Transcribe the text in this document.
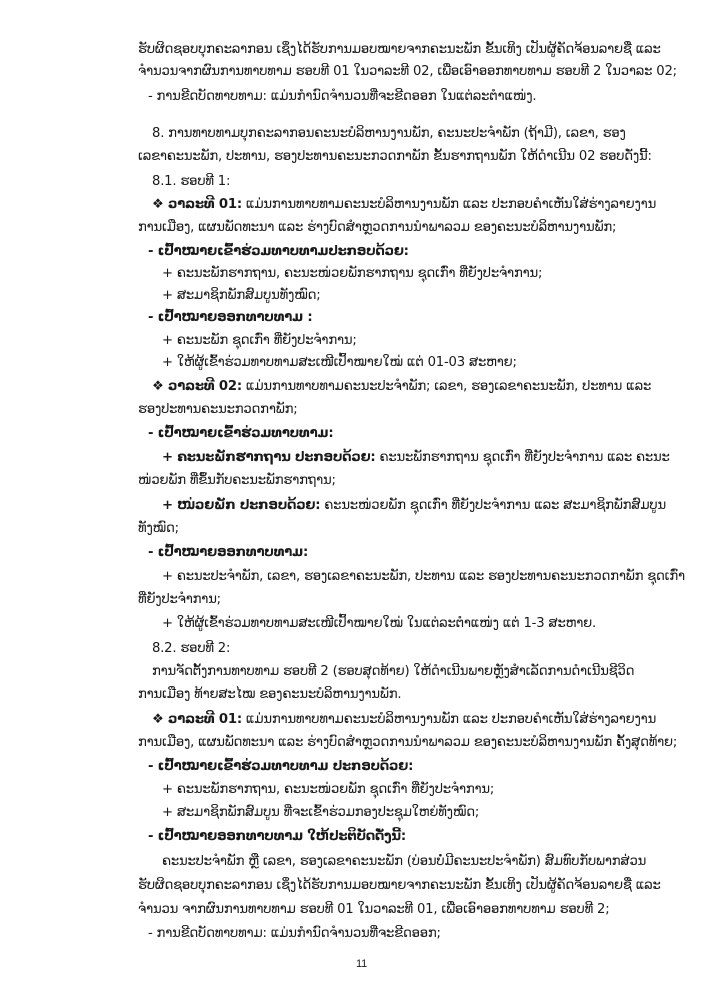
ຮັບຜິດຊອບບຸກຄະລາກອນ ເຊິ່ງໄດ້ຮັບການມອບໝາຍຈາກຄະນະພັກ ຂັ້ນເທິງ ເປັນຜູ້ຄັດຈ້ອນລາຍຊື່ ແລະ
ຈໍານວນຈາກຜົນການທາບທາມ ຮອບທີ 01 ໃນວາລະທີ 02, ເພື່ອເອົາອອກທາບທາມ ຮອບທີ 2 ໃນວາລະ 02;
- ການຂີດບັດທາບທາມ: ແມ່ນກໍານົດຈໍານວນທີ່ຈະຂີດອອກ ໃນແຕ່ລະຕໍາແໜ່ງ.
8. ການທາບທາມບຸກຄະລາກອນຄະນະບໍລິຫານງານພັກ, ຄະນະປະຈໍາພັກ (ຖ້າມີ), ເລຂາ, ຮອງ
ເລຂາຄະນະພັກ, ປະທານ, ຮອງປະທານຄະນະກວດກາພັກ ຂັ້ນຮາກຖານພັກ ໃຫ້ດໍາເນີນ 02 ຮອບດັ່ງນີ້:
8.1. ຮອບທີ 1:
❖ ວາລະທີ 01: ແມ່ນການທາບທາມຄະນະບໍລິຫານງານພັກ ແລະ ປະກອບຄໍາເຫັນໃສ່ຮ່າງລາຍງານ
ການເມືອງ, ແຜນພັດທະນາ ແລະ ຮ່າງບົດສໍາຫຼວດການນໍາພາລວມ ຂອງຄະນະບໍລິຫານງານພັກ;
- ເປົ້າໝາຍເຂົ້າຮ່ວມທາບທາມປະກອບດ້ວຍ:
+ ຄະນະພັກຮາກຖານ, ຄະນະໜ່ວຍພັກຮາກຖານ ຊຸດເກົ່າ ທີ່ຍັງປະຈໍາການ;
+ ສະມາຊິກພັກສົມບູນທັງໝົດ;
- ເປົ້າໝາຍອອກທາບທາມ :
+ ຄະນະພັກ ຊຸດເກົ່າ ທີ່ຍັງປະຈໍາການ;
+ ໃຫ້ຜູ້ເຂົ້າຮ່ວມທາບທາມສະເໜີເປົ້າໝາຍໃໝ່ ແຕ່ 01-03 ສະຫາຍ;
❖ ວາລະທີ 02: ແມ່ນການທາບທາມຄະນະປະຈໍາພັກ; ເລຂາ, ຮອງເລຂາຄະນະພັກ, ປະທານ ແລະ
ຮອງປະທານຄະນະກວດກາພັກ;
- ເປົ້າໝາຍເຂົ້າຮ່ວມທາບທາມ:
+ ຄະນະພັກຮາກຖານ ປະກອບດ້ວຍ: ຄະນະພັກຮາກຖານ ຊຸດເກົ່າ ທີ່ຍັງປະຈໍາການ ແລະ ຄະນະ
ໜ່ວຍພັກ ທີ່ຂຶ້ນກັບຄະນະພັກຮາກຖານ;
+ ໜ່ວຍພັກ ປະກອບດ້ວຍ: ຄະນະໜ່ວຍພັກ ຊຸດເກົ່າ ທີ່ຍັງປະຈໍາການ ແລະ ສະມາຊິກພັກສົມບູນ
ທັງໝົດ;
- ເປົ້າໝາຍອອກທາບທາມ:
+ ຄະນະປະຈໍາພັກ, ເລຂາ, ຮອງເລຂາຄະນະພັກ, ປະທານ ແລະ ຮອງປະທານຄະນະກວດກາພັກ ຊຸດເກົ່າ
ທີ່ຍັງປະຈໍາການ;
+ ໃຫ້ຜູ້ເຂົ້າຮ່ວມທາບທາມສະເໜີເປົ້າໝາຍໃໝ່ ໃນແຕ່ລະຕໍາແໜ່ງ ແຕ່ 1-3 ສະຫາຍ.
8.2. ຮອບທີ 2:
ການຈັດຕັ້ງການທາບທາມ ຮອບທີ 2 (ຮອບສຸດທ້າຍ) ໃຫ້ດໍາເນີນພາຍຫຼັງສໍາເລັດການດໍາເນີນຊີວິດ
ການເມືອງ ທ້າຍສະໄໝ ຂອງຄະນະບໍລິຫານງານພັກ.
❖ ວາລະທີ 01: ແມ່ນການທາບທາມຄະນະບໍລິຫານງານພັກ ແລະ ປະກອບຄໍາເຫັນໃສ່ຮ່າງລາຍງານ
ການເມືອງ, ແຜນພັດທະນາ ແລະ ຮ່າງບົດສໍາຫຼວດການນໍາພາລວມ ຂອງຄະນະບໍລິຫານງານພັກ ຄັ້ງສຸດທ້າຍ;
- ເປົ້າໝາຍເຂົ້າຮ່ວມທາບທາມ ປະກອບດ້ວຍ:
+ ຄະນະພັກຮາກຖານ, ຄະນະໜ່ວຍພັກ ຊຸດເກົ່າ ທີ່ຍັງປະຈໍາການ;
+ ສະມາຊິກພັກສົມບູນ ທີ່ຈະເຂົ້າຮ່ວມກອງປະຊຸມໃຫຍ່ທັງໝົດ;
- ເປົ້າໝາຍອອກທາບທາມ ໃຫ້ປະຕິບັດດັ່ງນີ້:
ຄະນະປະຈໍາພັກ ຫຼື ເລຂາ, ຮອງເລຂາຄະນະພັກ (ບ່ອນບໍ່ມີຄະນະປະຈໍາພັກ) ສົມທົບກັບພາກສ່ວນ
ຮັບຜິດຊອບບຸກຄະລາກອນ ເຊິ່ງໄດ້ຮັບການມອບໝາຍຈາກຄະນະພັກ ຂັ້ນເທິງ ເປັນຜູ້ຄັດຈ້ອນລາຍຊື່ ແລະ
ຈໍານວນ ຈາກຜົນການທາບທາມ ຮອບທີ 01 ໃນວາລະທີ 01, ເພື່ອເອົາອອກທາບທາມ ຮອບທີ 2;
- ການຂີດບັດທາບທາມ: ແມ່ນກໍານົດຈໍານວນທີ່ຈະຂີດອອກ;
11
